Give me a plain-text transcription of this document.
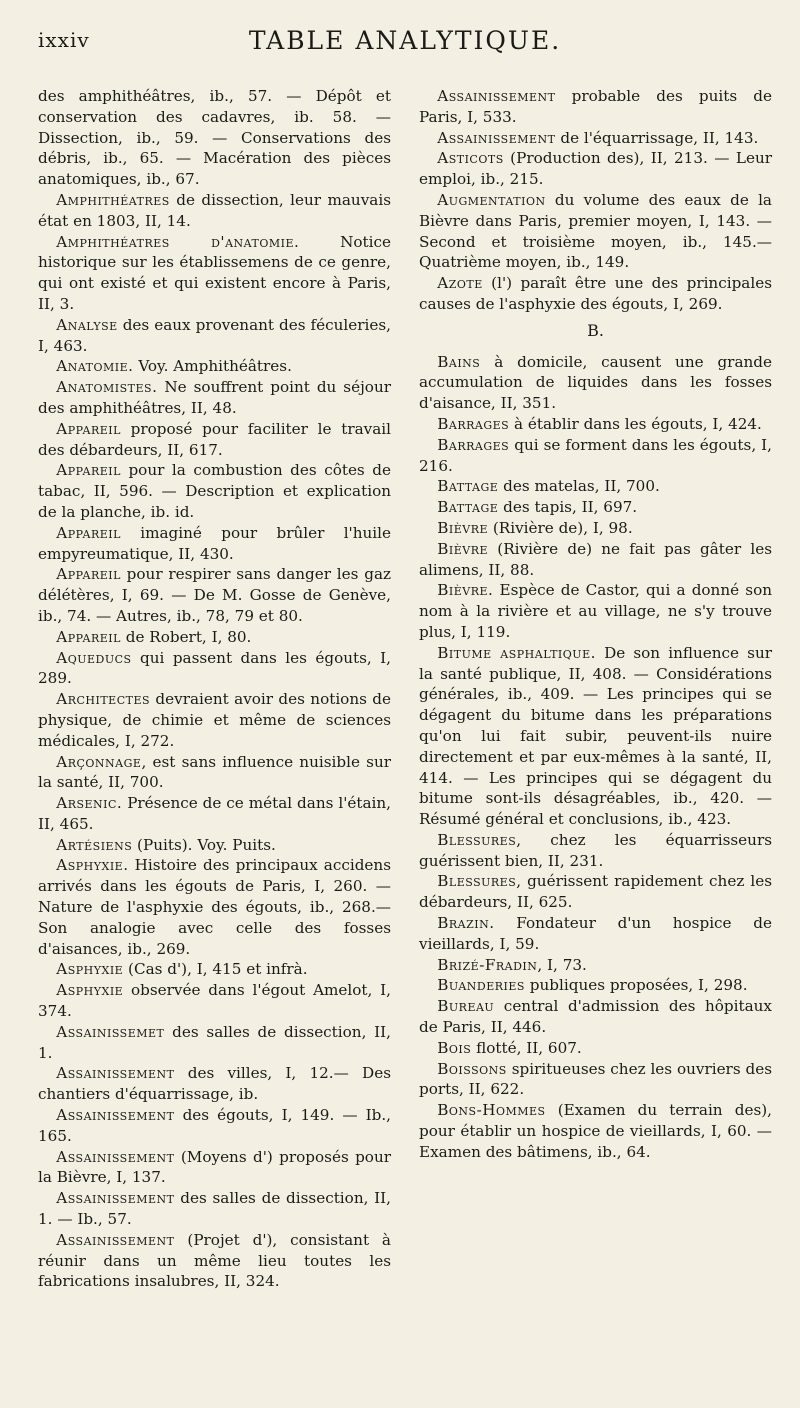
ixxiv	TABLE ANALYTIQUE.

des amphithéâtres, ib., 57. — Dépôt et conservation des cadavres, ib. 58. — Dissection, ib., 59. — Conservations des débris, ib., 65. — Macération des pièces anatomiques, ib., 67.

Amphithéatres de dissection, leur mauvais état en 1803, II, 14.

Amphithéatres d'anatomie. Notice historique sur les établissemens de ce genre, qui ont existé et qui existent encore à Paris, II, 3.

Analyse des eaux provenant des féculeries, I, 463.

Anatomie. Voy. Amphithéâtres.

Anatomistes. Ne souffrent point du séjour des amphithéâtres, II, 48.

Appareil proposé pour faciliter le travail des débardeurs, II, 617.

Appareil pour la combustion des côtes de tabac, II, 596. — Description et explication de la planche, ib. id.

Appareil imaginé pour brûler l'huile empyreumatique, II, 430.

Appareil pour respirer sans danger les gaz délétères, I, 69. — De M. Gosse de Genève, ib., 74. — Autres, ib., 78, 79 et 80.

Appareil de Robert, I, 80.

Aqueducs qui passent dans les égouts, I, 289.

Architectes devraient avoir des notions de physique, de chimie et même de sciences médicales, I, 272.

Arçonnage, est sans influence nuisible sur la santé, II, 700.

Arsenic. Présence de ce métal dans l'étain, II, 465.

Artésiens (Puits). Voy. Puits.

Asphyxie. Histoire des principaux accidens arrivés dans les égouts de Paris, I, 260. — Nature de l'asphyxie des égouts, ib., 268.—Son analogie avec celle des fosses d'aisances, ib., 269.

Asphyxie (Cas d'), I, 415 et infrà.

Asphyxie observée dans l'égout Amelot, I, 374.

Assainissemet des salles de dissection, II, 1.

Assainissement des villes, I, 12.— Des chantiers d'équarrissage, ib.

Assainissement des égouts, I, 149. — Ib., 165.

Assainissement (Moyens d') proposés pour la Bièvre, I, 137.

Assainissement des salles de dissection, II, 1. — Ib., 57.

Assainissement (Projet d'), consistant à réunir dans un même lieu toutes les fabrications insalubres, II, 324.

Assainissement probable des puits de Paris, I, 533.

Assainissement de l'équarrissage, II, 143.

Asticots (Production des), II, 213. — Leur emploi, ib., 215.

Augmentation du volume des eaux de la Bièvre dans Paris, premier moyen, I, 143. — Second et troisième moyen, ib., 145.— Quatrième moyen, ib., 149.

Azote (l') paraît être une des principales causes de l'asphyxie des égouts, I, 269.

B.

Bains à domicile, causent une grande accumulation de liquides dans les fosses d'aisance, II, 351.

Barrages à établir dans les égouts, I, 424.

Barrages qui se forment dans les égouts, I, 216.

Battage des matelas, II, 700.

Battage des tapis, II, 697.

Bièvre (Rivière de), I, 98.

Bièvre (Rivière de) ne fait pas gâter les alimens, II, 88.

Bièvre. Espèce de Castor, qui a donné son nom à la rivière et au village, ne s'y trouve plus, I, 119.

Bitume asphaltique. De son influence sur la santé publique, II, 408. — Considérations générales, ib., 409. — Les principes qui se dégagent du bitume dans les préparations qu'on lui fait subir, peuvent-ils nuire directement et par eux-mêmes à la santé, II, 414. — Les principes qui se dégagent du bitume sont-ils désagréables, ib., 420. — Résumé général et conclusions, ib., 423.

Blessures, chez les équarrisseurs guérissent bien, II, 231.

Blessures, guérissent rapidement chez les débardeurs, II, 625.

Brazin. Fondateur d'un hospice de vieillards, I, 59.

Brizé-Fradin, I, 73.

Buanderies publiques proposées, I, 298.

Bureau central d'admission des hôpitaux de Paris, II, 446.

Bois flotté, II, 607.

Boissons spiritueuses chez les ouvriers des ports, II, 622.

Bons-Hommes (Examen du terrain des), pour établir un hospice de vieillards, I, 60. — Examen des bâtimens, ib., 64.
